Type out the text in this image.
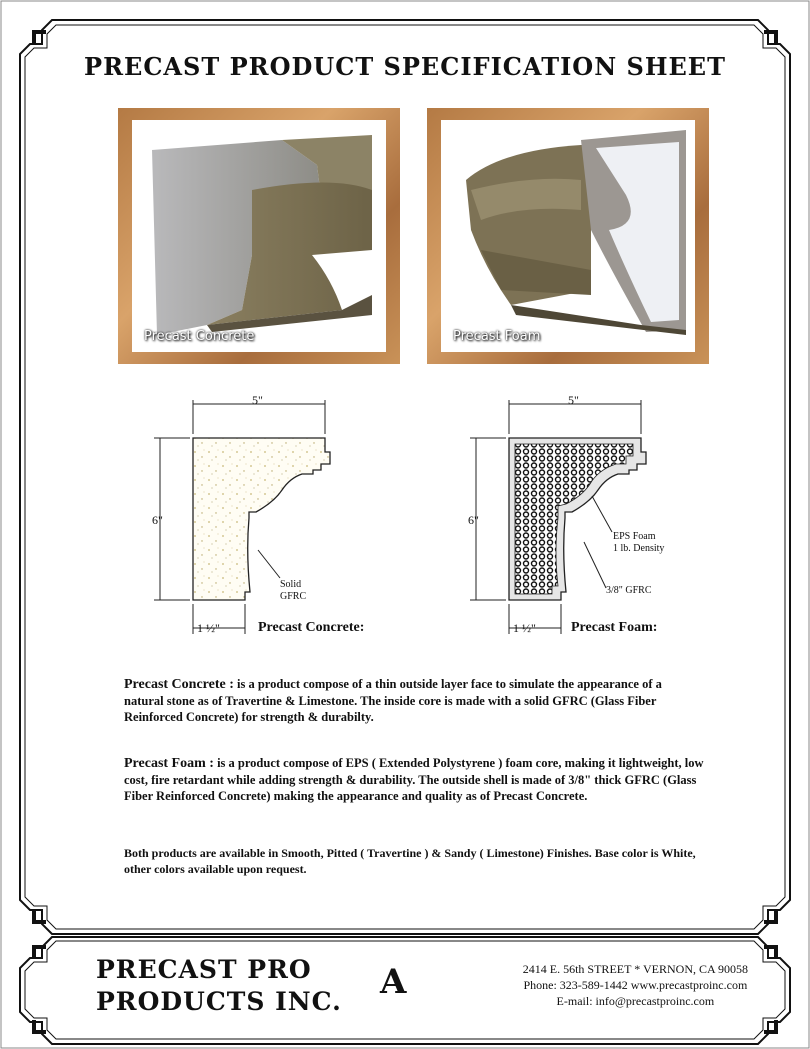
PRECAST PRODUCT SPECIFICATION SHEET
Precast Concrete	Precast Foam
5"
6"
1 ½"
Solid
GFRC
Precast Concrete:
5"
6"
1 ½"
EPS Foam
1 lb. Density
3/8" GFRC
Precast Foam:
Precast Concrete : is a product compose of a thin outside layer face to simulate the appearance of a natural stone as of Travertine & Limestone. The inside core is made with a solid GFRC (Glass Fiber Reinforced Concrete) for strength & durabilty.
Precast Foam : is a product compose of EPS ( Extended Polystyrene ) foam core, making it lightweight, low cost, fire retardant while adding strength & durability. The outside shell is made of 3/8" thick GFRC (Glass Fiber Reinforced Concrete) making the appearance and quality as of Precast Concrete.
Both products are available in Smooth, Pitted ( Travertine ) & Sandy ( Limestone) Finishes. Base color is White, other colors available upon request.
PRECAST PRO
PRODUCTS INC. A	2414 E. 56th STREET * VERNON, CA 90058
Phone: 323-589-1442 www.precastproinc.com
E-mail: info@precastproinc.com
